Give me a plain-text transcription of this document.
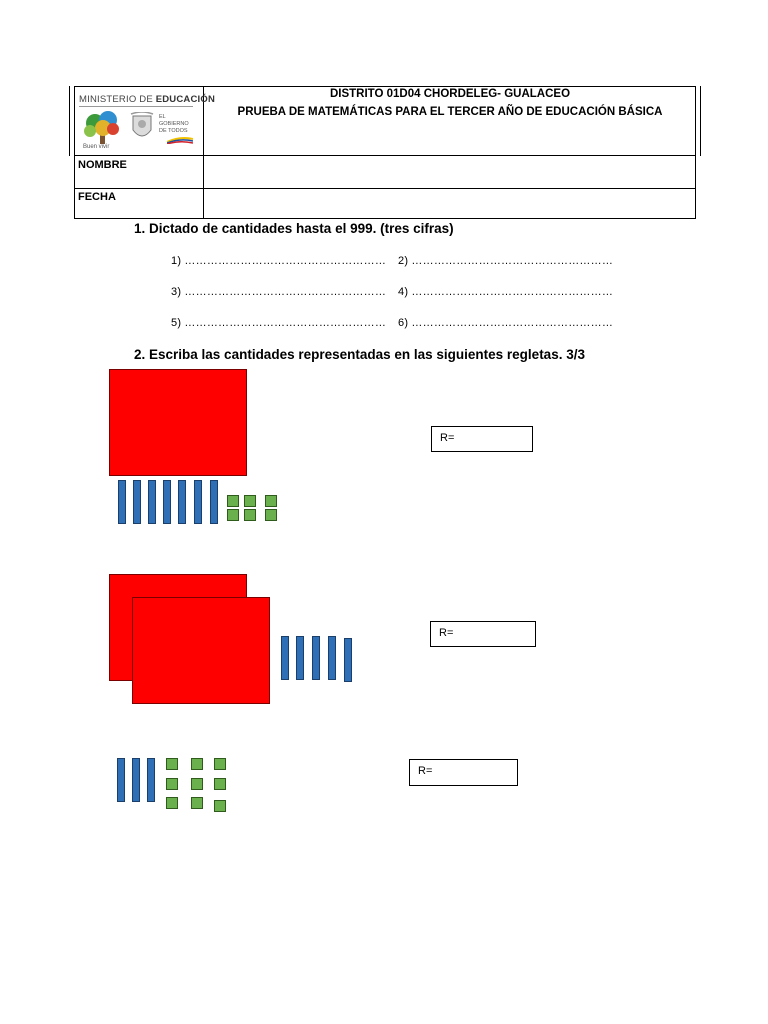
MINISTERIO DE EDUCACIÓN
Buen vivir
EL GOBIERNO DE TODOS
DISTRITO 01D04 CHORDELEG- GUALACEO
PRUEBA DE MATEMÁTICAS PARA EL TERCER AÑO DE EDUCACIÓN BÁSICA
NOMBRE
FECHA
1. Dictado de cantidades hasta el 999. (tres cifras)
1) ……………………………………………… 2) ………………………………………………
3) ……………………………………………… 4) ………………………………………………
5) ……………………………………………… 6) ………………………………………………
2. Escriba las cantidades representadas en las siguientes regletas. 3/3
R=
R=
R=
